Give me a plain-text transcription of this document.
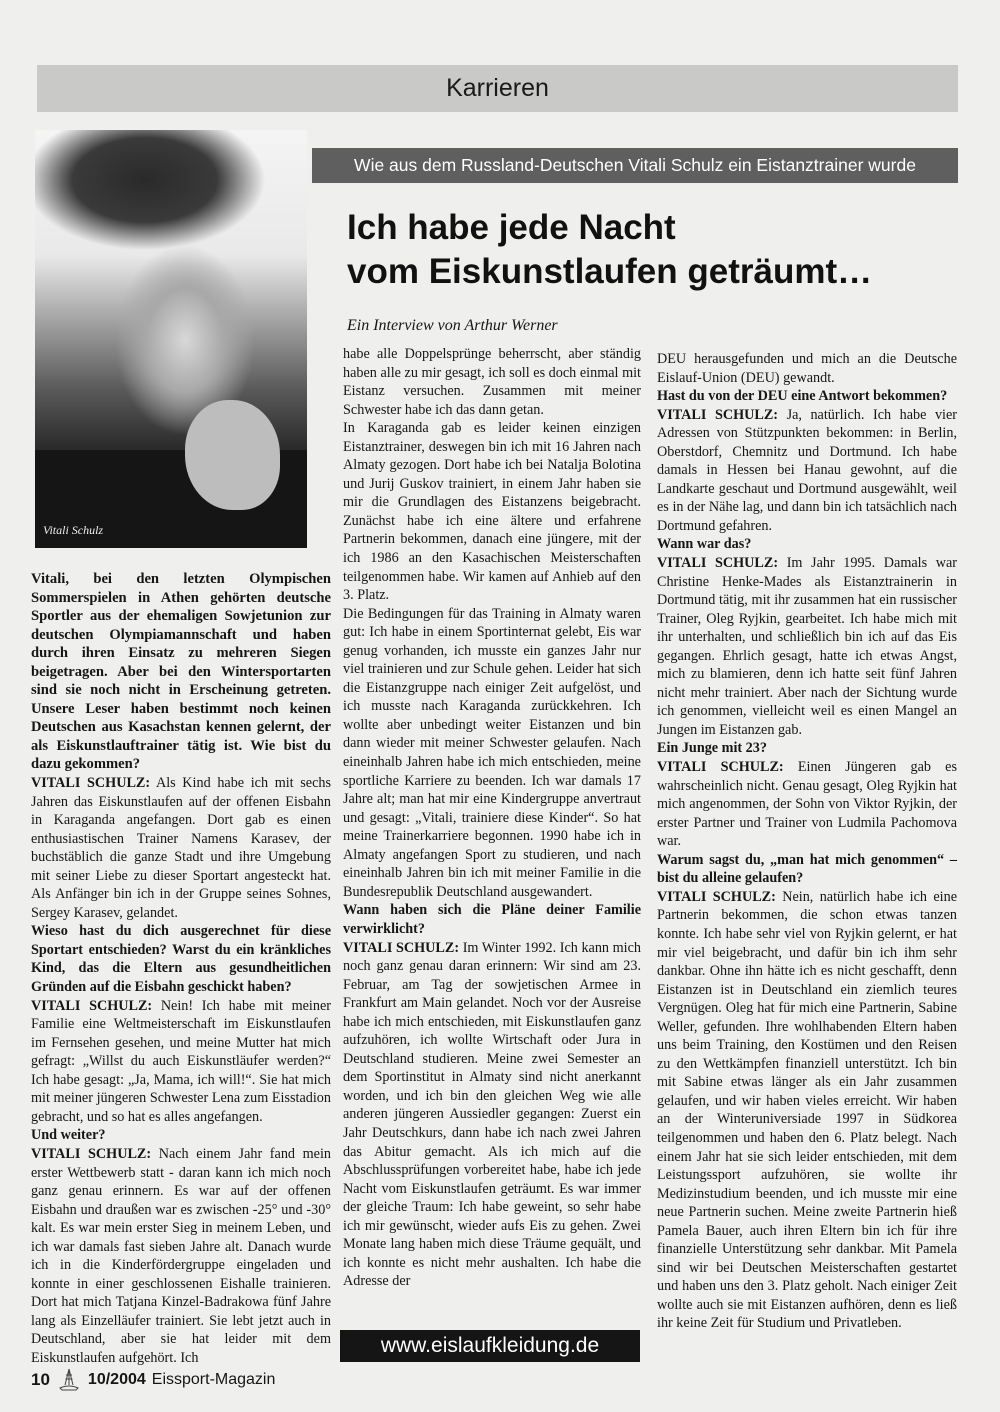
Karrieren
Vitali Schulz
Wie aus dem Russland-Deutschen Vitali Schulz ein Eistanztrainer wurde
Ich habe jede Nacht
vom Eiskunstlaufen geträumt…
Ein Interview von Arthur Werner

Vitali, bei den letzten Olympischen Sommerspielen in Athen gehörten deutsche Sportler aus der ehemaligen Sowjetunion zur deutschen Olympiamannschaft und haben durch ihren Einsatz zu mehreren Siegen beigetragen. Aber bei den Wintersportarten sind sie noch nicht in Erscheinung getreten. Unsere Leser haben bestimmt noch keinen Deutschen aus Kasachstan kennen gelernt, der als Eiskunstlauftrainer tätig ist. Wie bist du dazu gekommen?

VITALI SCHULZ: Als Kind habe ich mit sechs Jahren das Eiskunstlaufen auf der offenen Eisbahn in Karaganda angefangen. Dort gab es einen enthusiastischen Trainer Namens Karasev, der buchstäblich die ganze Stadt und ihre Umgebung mit seiner Liebe zu dieser Sportart angesteckt hat. Als Anfänger bin ich in der Gruppe seines Sohnes, Sergey Karasev, gelandet.

Wieso hast du dich ausgerechnet für diese Sportart entschieden? Warst du ein kränkliches Kind, das die Eltern aus gesundheitlichen Gründen auf die Eisbahn geschickt haben?

VITALI SCHULZ: Nein! Ich habe mit meiner Familie eine Weltmeisterschaft im Eiskunstlaufen im Fernsehen gesehen, und meine Mutter hat mich gefragt: „Willst du auch Eiskunstläufer werden?“ Ich habe gesagt: „Ja, Mama, ich will!“. Sie hat mich mit meiner jüngeren Schwester Lena zum Eisstadion gebracht, und so hat es alles angefangen.

Und weiter?

VITALI SCHULZ: Nach einem Jahr fand mein erster Wettbewerb statt - daran kann ich mich noch ganz genau erinnern. Es war auf der offenen Eisbahn und draußen war es zwischen -25° und -30° kalt. Es war mein erster Sieg in meinem Leben, und ich war damals fast sieben Jahre alt. Danach wurde ich in die Kinderfördergruppe eingeladen und konnte in einer geschlossenen Eishalle trainieren. Dort hat mich Tatjana Kinzel-Badrakowa fünf Jahre lang als Einzelläufer trainiert. Sie lebt jetzt auch in Deutschland, aber sie hat leider mit dem Eiskunstlaufen aufgehört. Ich

habe alle Doppelsprünge beherrscht, aber ständig haben alle zu mir gesagt, ich soll es doch einmal mit Eistanz versuchen. Zusammen mit meiner Schwester habe ich das dann getan.

In Karaganda gab es leider keinen einzigen Eistanztrainer, deswegen bin ich mit 16 Jahren nach Almaty gezogen. Dort habe ich bei Natalja Bolotina und Jurij Guskov trainiert, in einem Jahr haben sie mir die Grundlagen des Eistanzens beigebracht. Zunächst habe ich eine ältere und erfahrene Partnerin bekommen, danach eine jüngere, mit der ich 1986 an den Kasachischen Meisterschaften teilgenommen habe. Wir kamen auf Anhieb auf den 3. Platz.

Die Bedingungen für das Training in Almaty waren gut: Ich habe in einem Sportinternat gelebt, Eis war genug vorhanden, ich musste ein ganzes Jahr nur viel trainieren und zur Schule gehen. Leider hat sich die Eistanzgruppe nach einiger Zeit aufgelöst, und ich musste nach Karaganda zurückkehren. Ich wollte aber unbedingt weiter Eistanzen und bin dann wieder mit meiner Schwester gelaufen. Nach eineinhalb Jahren habe ich mich entschieden, meine sportliche Karriere zu beenden. Ich war damals 17 Jahre alt; man hat mir eine Kindergruppe anvertraut und gesagt: „Vitali, trainiere diese Kinder“. So hat meine Trainerkarriere begonnen. 1990 habe ich in Almaty angefangen Sport zu studieren, und nach eineinhalb Jahren bin ich mit meiner Familie in die Bundesrepublik Deutschland ausgewandert.

Wann haben sich die Pläne deiner Familie verwirklicht?

VITALI SCHULZ: Im Winter 1992. Ich kann mich noch ganz genau daran erinnern: Wir sind am 23. Februar, am Tag der sowjetischen Armee in Frankfurt am Main gelandet. Noch vor der Ausreise habe ich mich entschieden, mit Eiskunstlaufen ganz aufzuhören, ich wollte Wirtschaft oder Jura in Deutschland studieren. Meine zwei Semester an dem Sportinstitut in Almaty sind nicht anerkannt worden, und ich bin den gleichen Weg wie alle anderen jüngeren Aussiedler gegangen: Zuerst ein Jahr Deutschkurs, dann habe ich nach zwei Jahren das Abitur gemacht. Als ich mich auf die Abschlussprüfungen vorbereitet habe, habe ich jede Nacht vom Eiskunstlaufen geträumt. Es war immer der gleiche Traum: Ich habe geweint, so sehr habe ich mir gewünscht, wieder aufs Eis zu gehen. Zwei Monate lang haben mich diese Träume gequält, und ich konnte es nicht mehr aushalten. Ich habe die Adresse der

DEU herausgefunden und mich an die Deutsche Eislauf-Union (DEU) gewandt.

Hast du von der DEU eine Antwort bekommen?

VITALI SCHULZ: Ja, natürlich. Ich habe vier Adressen von Stützpunkten bekommen: in Berlin, Oberstdorf, Chemnitz und Dortmund. Ich habe damals in Hessen bei Hanau gewohnt, auf die Landkarte geschaut und Dortmund ausgewählt, weil es in der Nähe lag, und dann bin ich tatsächlich nach Dortmund gefahren.

Wann war das?

VITALI SCHULZ: Im Jahr 1995. Damals war Christine Henke-Mades als Eistanztrainerin in Dortmund tätig, mit ihr zusammen hat ein russischer Trainer, Oleg Ryjkin, gearbeitet. Ich habe mich mit ihr unterhalten, und schließlich bin ich auf das Eis gegangen. Ehrlich gesagt, hatte ich etwas Angst, mich zu blamieren, denn ich hatte seit fünf Jahren nicht mehr trainiert. Aber nach der Sichtung wurde ich genommen, vielleicht weil es einen Mangel an Jungen im Eistanzen gab.

Ein Junge mit 23?

VITALI SCHULZ: Einen Jüngeren gab es wahrscheinlich nicht. Genau gesagt, Oleg Ryjkin hat mich angenommen, der Sohn von Viktor Ryjkin, der erster Partner und Trainer von Ludmila Pachomova war.

Warum sagst du, „man hat mich genommen“ – bist du alleine gelaufen?

VITALI SCHULZ: Nein, natürlich habe ich eine Partnerin bekommen, die schon etwas tanzen konnte. Ich habe sehr viel von Ryjkin gelernt, er hat mir viel beigebracht, und dafür bin ich ihm sehr dankbar. Ohne ihn hätte ich es nicht geschafft, denn Eistanzen ist in Deutschland ein ziemlich teures Vergnügen. Oleg hat für mich eine Partnerin, Sabine Weller, gefunden. Ihre wohlhabenden Eltern haben uns beim Training, den Kostümen und den Reisen zu den Wettkämpfen finanziell unterstützt. Ich bin mit Sabine etwas länger als ein Jahr zusammen gelaufen, und wir haben vieles erreicht. Wir haben an der Winteruniversiade 1997 in Südkorea teilgenommen und haben den 6. Platz belegt. Nach einem Jahr hat sie sich leider entschieden, mit dem Leistungssport aufzuhören, sie wollte ihr Medizinstudium beenden, und ich musste mir eine neue Partnerin suchen. Meine zweite Partnerin hieß Pamela Bauer, auch ihren Eltern bin ich für ihre finanzielle Unterstützung sehr dankbar. Mit Pamela sind wir bei Deutschen Meisterschaften gestartet und haben uns den 3. Platz geholt. Nach einiger Zeit wollte auch sie mit Eistanzen aufhören, denn es ließ ihr keine Zeit für Studium und Privatleben.

www.eislaufkleidung.de
10 10/2004 Eissport-Magazin
